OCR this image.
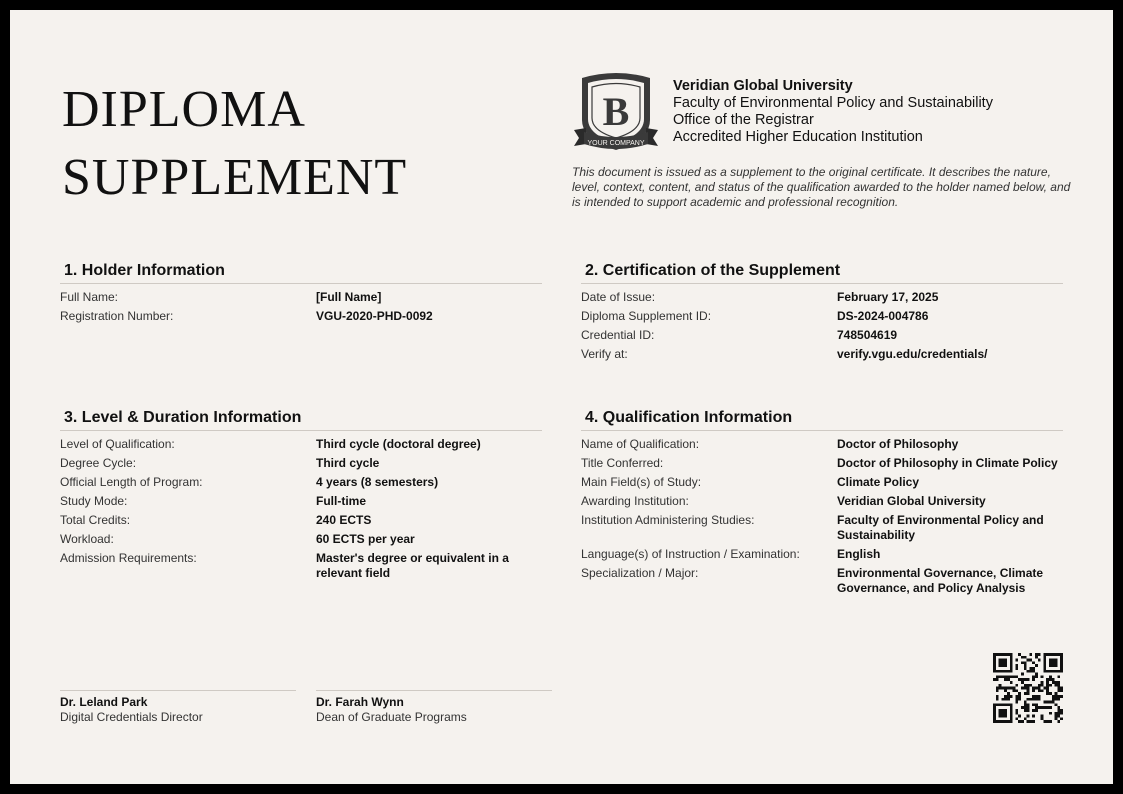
DIPLOMA
SUPPLEMENT
B
YOUR COMPANY
Veridian Global University
Faculty of Environmental Policy and Sustainability
Office of the Registrar
Accredited Higher Education Institution

This document is issued as a supplement to the original certificate. It describes the nature, level, context, content, and status of the qualification awarded to the holder named below, and is intended to support academic and professional recognition.

1. Holder Information
Full Name:	[Full Name]
Registration Number:	VGU-2020-PHD-0092
2. Certification of the Supplement
Date of Issue:	February 17, 2025
Diploma Supplement ID:	DS-2024-004786
Credential ID:	748504619
Verify at:	verify.vgu.edu/credentials/
3. Level & Duration Information
Level of Qualification:	Third cycle (doctoral degree)
Degree Cycle:	Third cycle
Official Length of Program:	4 years (8 semesters)
Study Mode:	Full-time
Total Credits:	240 ECTS
Workload:	60 ECTS per year
Admission Requirements:	Master's degree or equivalent in a relevant field
4. Qualification Information
Name of Qualification:	Doctor of Philosophy
Title Conferred:	Doctor of Philosophy in Climate Policy
Main Field(s) of Study:	Climate Policy
Awarding Institution:	Veridian Global University
Institution Administering Studies:	Faculty of Environmental Policy and Sustainability
Language(s) of Instruction / Examination:	English
Specialization / Major:	Environmental Governance, Climate Governance, and Policy Analysis
Dr. Leland Park
Digital Credentials Director
Dr. Farah Wynn
Dean of Graduate Programs
